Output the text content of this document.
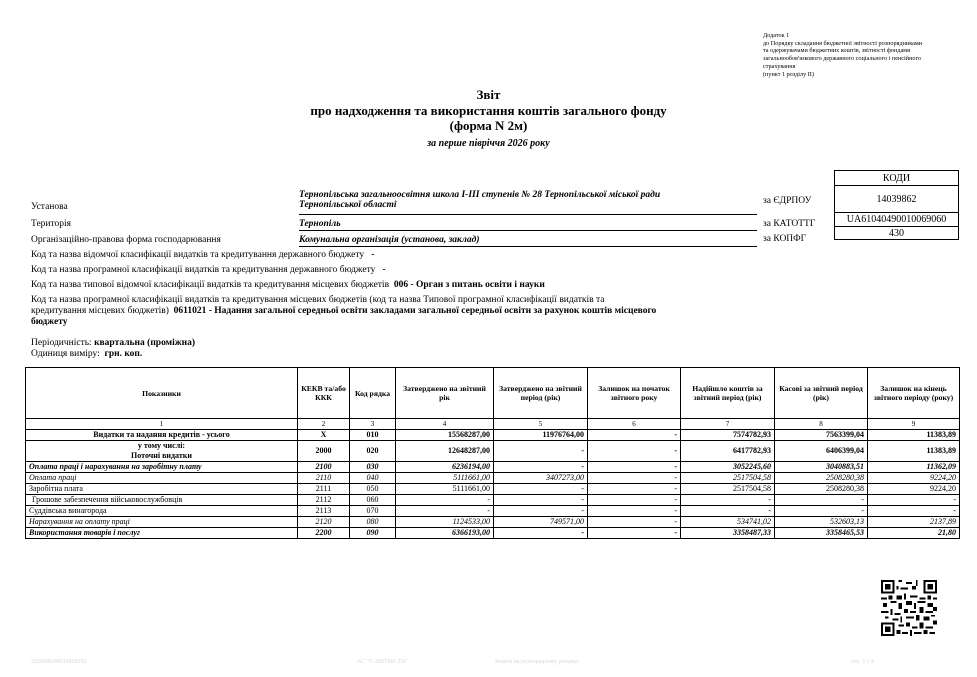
Додаток 1
до Порядку складання бюджетної звітності розпорядниками
та одержувачами бюджетних коштів, звітності фондами
загальнообов'язкового державного соціального і пенсійного
страхування
(пункт 1 розділу II)
Звіт
про надходження та використання коштів загального фонду
(форма N 2м)
за перше півріччя 2026 року
КОДИ
14039862
UA61040490010069060
430
за ЄДРПОУ
за КАТОТТГ
за КОПФГ
Установа
Тернопільська загальноосвітня школа І-ІІІ ступенів № 28 Тернопільської міської ради
Тернопільської області
Територія	Тернопіль
Організаційно-правова форма господарювання	Комунальна організація (установа, заклад)
Код та назва відомчої класифікації видатків та кредитування державного бюджету -
Код та назва програмної класифікації видатків та кредитування державного бюджету -
Код та назва типової відомчої класифікації видатків та кредитування місцевих бюджетів 006 - Орган з питань освіти і науки
Код та назва програмної класифікації видатків та кредитування місцевих бюджетів (код та назва Типової програмної класифікації видатків та
кредитування місцевих бюджетів) 0611021 - Надання загальної середньої освіти закладами загальної середньої освіти за рахунок коштів місцевого
бюджету
Періодичність: квартальна (проміжна)
Одиниця виміру: грн. коп.
Показники	КЕКВ та/або ККК	Код рядка	Затверджено на звітний рік	Затверджено на звітний період (рік)	Залишок на початок звітного року	Надійшло коштів за звітний період (рік)	Касові за звітний період (рік)	Залишок на кінець звітного періоду (року)
1	2	3	4	5	6	7	8	9
Видатки та надання кредитів - усього	X	010	15568287,00	11976764,00	-	7574782,93	7563399,04	11383,89

у тому числі:
Поточні видатки	2000	020	12648287,00	-	-	6417782,93	6406399,04	11383,89
Оплата праці і нарахування на заробітну плату	2100	030	6236194,00	-	-	3052245,60	3040883,51	11362,09
Оплата праці	2110	040	5111661,00	3407273,00	-	2517504,58	2508280,38	9224,20
Заробітна плата	2111	050	5111661,00	-	-	2517504,58	2508280,38	9224,20
Грошове забезпечення військовослужбовців	2112	060	-	-	-	-	-	-
Суддівська винагорода	2113	070	-	-	-	-	-	-
Нарахування на оплату праці	2120	080	1124533,00	749571,00	-	534741,02	532603,13	2137,89
Використання товарів і послуг	2200	090	6366193,00	-	-	3358487,33	3358465,53	21,80
2026000/00015808252	АС "Є-ЗВІТНІСТЬ"	Кошти на розпорядчому рахунку	стр. 1 з 4
